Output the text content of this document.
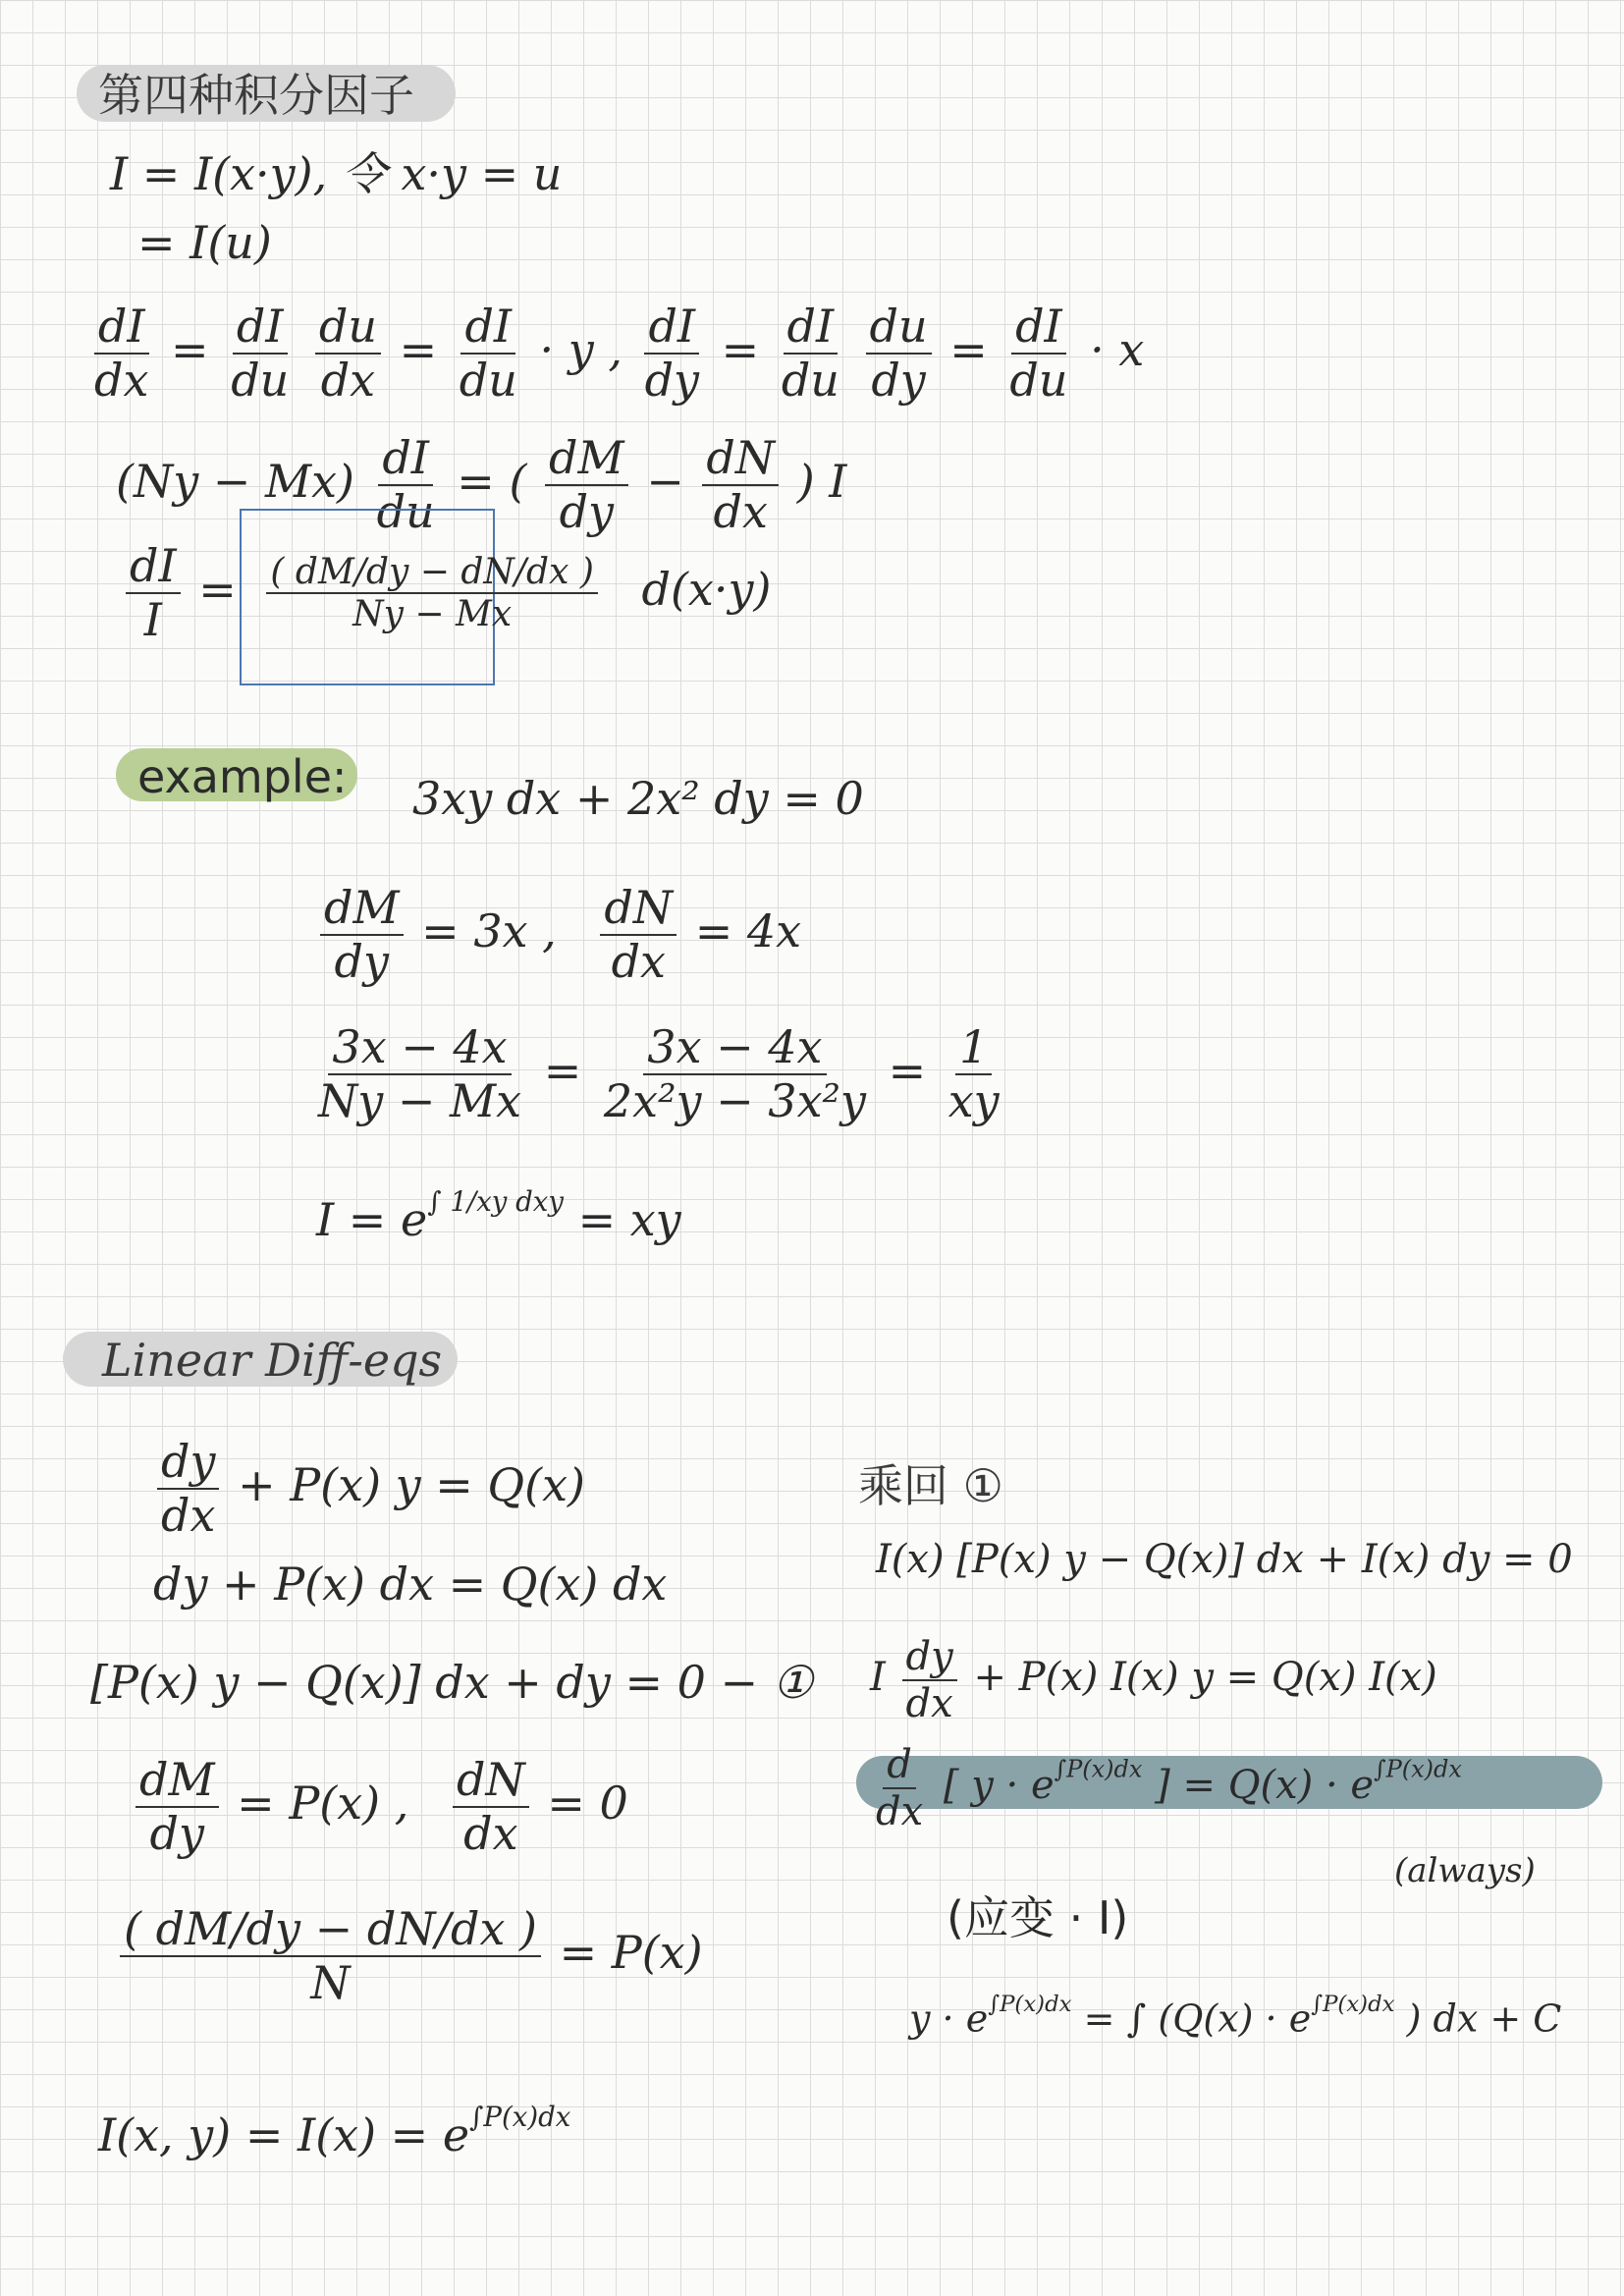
第四种积分因子
I = I(x·y), 令 x·y = u
= I(u)
$\frac{dI}{dx} = \frac{dI}{du}$
$\frac{du}{dx} = \frac{dI}{du} \cdot y$ , $\frac{dI}{dy} = \frac{dI}{du}$
$\frac{du}{dy} = \frac{dI}{du} \cdot x$
$(Ny - Mx) \frac{dI}{du}$ = ( $\frac{dM}{dy} - \frac{dN}{dx}$ ) I
$\frac{dI}{I} = \frac{( dM/dy - dN/dx )}{Ny - Mx} d(x\cdot y)$
example: 3xy dx + 2x² dy = 0
$\frac{dM}{dy} = 3x$ , $\frac{dN}{dx} = 4x$
$\frac{3x - 4x}{Ny - Mx} = \frac{3x - 4x}{\text{2x²y − 3x²y}} = \frac{1}{xy}$
$I = e^{\int 1/xy dxy}$ = xy
Linear Diff-eqs
$\frac{dy}{dx} + P(x) y = Q(x)$
dy + P(x) dx = Q(x) dx
[P(x) y − Q(x)] dx + dy = 0 − ①
$\frac{dM}{dy} = P(x)$ , $\frac{dN}{dx} = 0$
$\frac{( dM/dy - dN/dx )}{N} = P(x)$
I(x, $y) = I(x) = e^{\int P(x)dx}$
乘回 ①
I(x) [P(x) y − Q(x)] dx + I(x) dy = 0
I $\frac{dy}{dx} + P(x)$ I(x) y = Q(x) I(x)
$\frac{d}{dx}$ [ $y \cdot e^{\int P(x)dx}$ ] = $Q(x) \cdot e^{\int P(x)dx}$
(always)
(应变 · I)
$y \cdot e^{\int P(x)dx}$ = ∫ ($Q(x) \cdot e^{\int P(x)dx}$ ) dx + C
